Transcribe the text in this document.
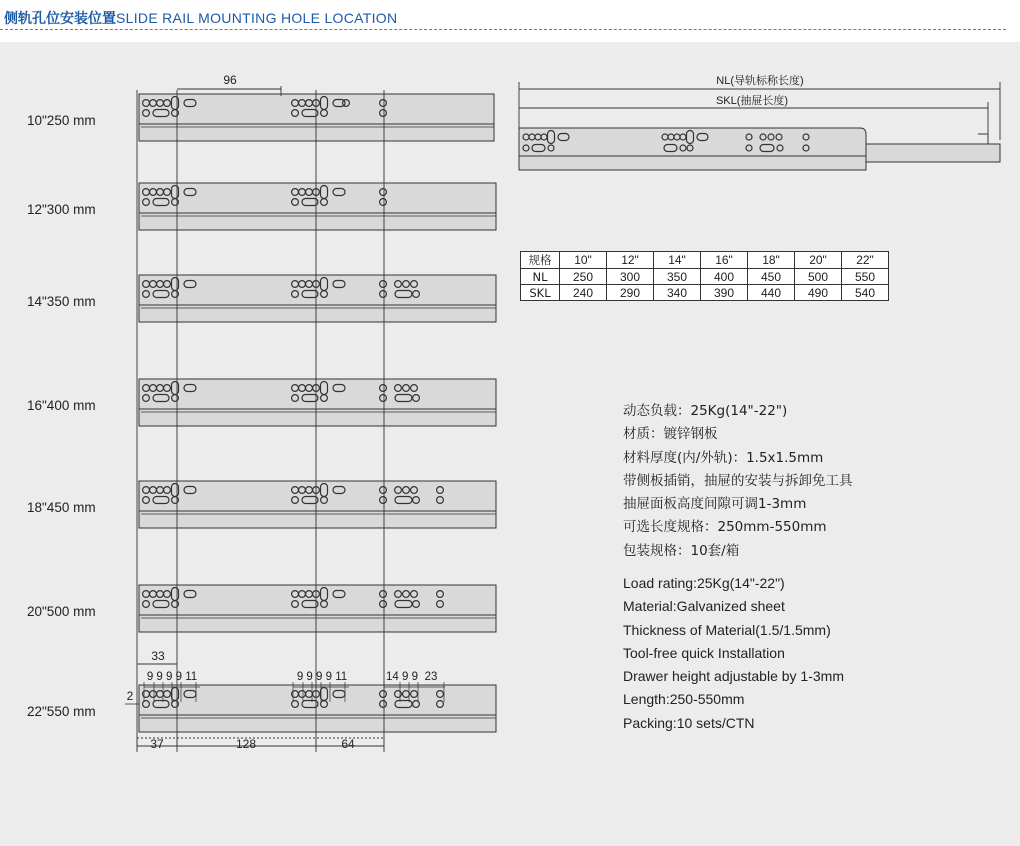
侧轨孔位安装位置SLIDE RAIL MOUNTING HOLE LOCATION
10"250 mm
12"300 mm
14"350 mm
16"400 mm
18"450 mm
20"500 mm
22"550 mm
96
33
9 9 9 9 11	9 9 9 9 11	14 9 9 23
2
37	128	64
NL(导轨标称长度)
SKL(抽屉长度)
规格	10"	12"	14"	16"	18"	20"	22"
NL	250	300	350	400	450	500	550
SKL	240	290	340	390	440	490	540
动态负载：25Kg(14"-22")
材质：镀锌钢板
材料厚度(内/外轨)：1.5x1.5mm
带侧板插销，抽屉的安装与拆卸免工具
抽屉面板高度间隙可调1-3mm
可选长度规格：250mm-550mm
包装规格：10套/箱
Load rating:25Kg(14"-22")
Material:Galvanized sheet
Thickness of Material(1.5/1.5mm)
Tool-free quick Installation
Drawer height adjustable by 1-3mm
Length:250-550mm
Packing:10 sets/CTN
